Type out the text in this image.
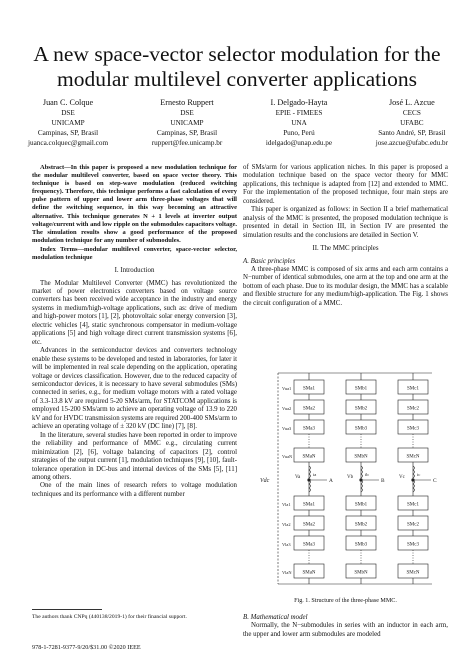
A new space-vector selector modulation for the
modular multilevel converter applications
Juan C. Colque
DSE
UNICAMP
Campinas, SP, Brasil
juanca.colquec@gmail.com
Ernesto Ruppert
DSE
UNICAMP
Campinas, SP, Brasil
ruppert@fee.unicamp.br
I. Delgado-Hayta
EPIE - FIMEES
UNA
Puno, Perú
idelgado@unap.edu.pe
José L. Azcue
CECS
UFABC
Santo André, SP, Brasil
jose.azcue@ufabc.edu.br

Abstract—In this paper is proposed a new modulation technique for the modular multilevel converter, based on space vector theory. This technique is based on step-wave modulation (reduced switching frequency). Therefore, this technique performs a fast calculation of every pulse pattern of upper and lower arm three-phase voltages that will define the switching sequence, in this way becoming an attractive alternative. This technique generates N + 1 levels at inverter output voltage/current with and low ripple on the submodules capacitors voltage. The simulation results show a good performance of the proposed modulation technique for any number of submodules.

Index Terms—modular multilevel converter, space-vector selector, modulation technique

I. Introduction

The Modular Multilevel Converter (MMC) has revolutionized the market of power electronics converters based on voltage source converters has been received wide acceptance in the industry and energy systems in medium/high-voltage applications, such as: drive of medium and high-power motors [1], [2], photovoltaic solar energy conversion [3], electric vehicles [4], static synchronous compensator in medium-voltage applications [5] and high voltage direct current transmission systems [6], etc.

Advances in the semiconductor devices and converters technology enable these systems to be developed and tested in laboratories, for later it will be implemented in real scale depending on the application, operating voltage or devices classification. However, due to the reduced capacity of semiconductor devices, it is necessary to have several submodules (SMs) connected in series, e.g., for medium voltage motors with a rated voltage of 3.3-13.8 kV are required 5-20 SMs/arm, for STATCOM applications is employed 15-200 SMs/arm to achieve an operating voltage of 13.9 to 220 kV and for HVDC transmission systems are required 200-400 SMs/arm to achieve an operating voltage of ± 320 kV (DC line) [7], [8].

In the literature, several studies have been reported in order to improve the reliability and performance of MMC e.g., circulating current minimization [2], [6], voltage balancing of capacitors [2], control strategies of the output current [1], modulation techniques [9], [10], fault-tolerance operation in DC-bus and internal devices of the SMs [5], [11] among others.

One of the main lines of research refers to voltage modulation techniques and its performance with a different number

The authors thank CNPq (440138/2019-1) for their financial support.
978-1-7281-9377-9/20/$31.00 ©2020 IEEE

of SMs/arm for various application niches. In this paper is proposed a modulation technique based on the space vector theory for MMC applications, this technique is adapted from [12] and extended to MMC. For the implementation of the proposed technique, four main steps are considered.

This paper is organized as follows: in Section II a brief mathematical analysis of the MMC is presented, the proposed modulation technique is presented in detail in Section III, in Section IV are presented the simulation results and the conclusions are detailed in Section V.

II. The MMC principles

A. Basic principles

A three-phase MMC is composed of six arms and each arm contains a N−number of identical submodules, one arm at the top and one arm at the bottom of each phase. Due to its modular design, the MMC has a scalable and flexible structure for any medium/high-application. The Fig. 1 shows the circuit configuration of a MMC.

A
Va
ia
SMa1
SMa2
SMa3
SMaN
SMa1
SMa2
SMa3
SMaN
B
Vb
ib
SMb1
SMb2
SMb3
SMbN
SMb1
SMb2
SMb3
SMbN
C
Vc
ic
SMc1
SMc2
SMc3
SMcN
SMc1
SMc2
SMc3
SMcN
Vua1
Vua2
Vua3
VuaN
Vla1
Vla2
Vla3
VlaN
Vdc
Fig. 1. Structure of the three-phase MMC.

B. Mathematical model

Normally, the N−submodules in series with an inductor in each arm, the upper and lower arm submodules are modeled
